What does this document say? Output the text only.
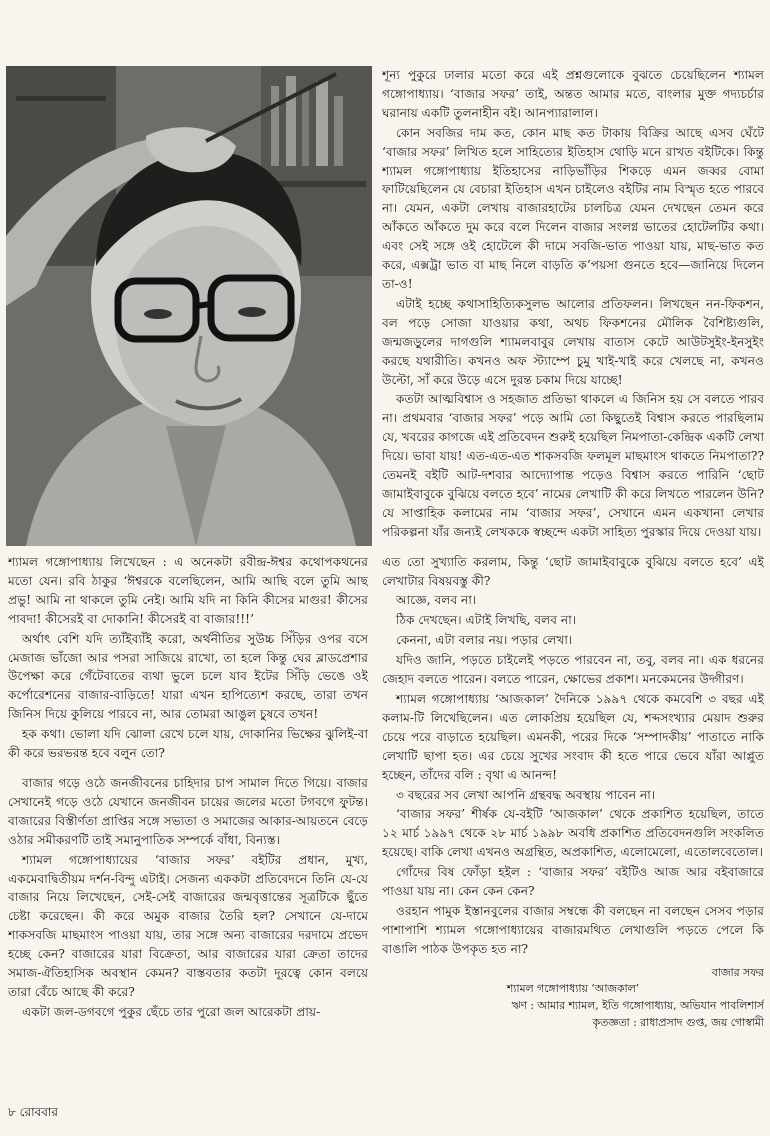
শ্যামল গঙ্গোপাধ্যায় লিখেছেন : এ অনেকটা রবীন্দ্র-ঈশ্বর কথোপকথনের মতো যেন। রবি ঠাকুর ‘ঈশ্বরকে বলেছিলেন, আমি আছি বলে তুমি আছ প্রভু! আমি না থাকলে তুমি নেই। আমি যদি না কিনি কীসের মাগুর! কীসের পাবদা! কীসেরই বা দোকানি! কীসেরই বা বাজার!!!’

অর্থাৎ বেশি যদি ত্যাঁইব্যাঁই করো, অর্থনীতির সুউচ্চ সিঁড়ির ওপর বসে মেজাজ ভাঁজো আর পসরা সাজিয়ে রাখো, তা হলে কিন্তু ঘের ব্লাডপ্রেশার উপেক্ষা করে গেঁটেবাতের ব্যথা ভুলে চলে যাব ইটের সিঁড়ি ভেঙে ওই কর্পোরেশনের বাজার-বাড়িতে! যারা এখন হাপিত্যেশ করছে, তারা তখন জিনিস দিয়ে কুলিয়ে পারবে না, আর তোমরা আঙুল চুষবে তখন!

হক কথা। ভোলা যদি ঝোলা রেখে চলে যায়, দোকানির ভিক্ষের ঝুলিই-বা কী করে ভরভরন্ত হবে বলুন তো?

বাজার গড়ে ওঠে জনজীবনের চাহিদার চাপ সামাল দিতে গিয়ে। বাজার সেখানেই গড়ে ওঠে যেখানে জনজীবন চায়ের জলের মতো টগবগে ফুটন্ত। বাজারের বিস্তীর্ণতা প্রাপ্তির সঙ্গে সভ্যতা ও সমাজের আকার-আয়তনে বেড়ে ওঠার সমীকরণটি তাই সমানুপাতিক সম্পর্কে বাঁধা, বিন্যস্ত।

শ্যামল গঙ্গোপাধ্যায়ের ‘বাজার সফর’ বইটির প্রধান, মুখ্য, একমেবাদ্বিতীয়ম দর্শন-বিন্দু এটাই। সেজন্য এককটা প্রতিবেদনে তিনি যে-যে বাজার নিয়ে লিখেছেন, সেই-সেই বাজারের জন্মবৃত্তান্তের সূত্রটিকে ছুঁতে চেষ্টা করেছেন। কী করে অমুক বাজার তৈরি হল? সেখানে যে-দামে শাকসবজি মাছমাংস পাওয়া যায়, তার সঙ্গে অন্য বাজারের দরদামে প্রভেদ হচ্ছে কেন? বাজারের যারা বিক্রেতা, আর বাজারের যারা ক্রেতা তাদের সমাজ-ঐতিহাসিক অবস্থান কেমন? বাস্তবতার কতটা দূরত্বে কোন বলয়ে তারা বেঁচে আছে কী করে?

একটা জল-ডগবগে পুকুর ছেঁচে তার পুরো জল আরেকটা প্রায়-

শূন্য পুকুরে ঢালার মতো করে এই প্রশ্নগুলোকে বুঝতে চেয়েছিলেন শ্যামল গঙ্গোপাধ্যায়। ‘বাজার সফর’ তাই, অন্তত আমার মতে, বাংলার মুক্ত গদ্যচর্চার ঘরানায় একটি তুলনাহীন বই। আনপ্যারালাল।

কোন সবজির দাম কত, কোন মাছ কত টাকায় বিক্রির আছে এসব ঘেঁটে ‘বাজার সফর’ লিখিত হলে সাহিত্যের ইতিহাস থোড়ি মনে রাখত বইটিকে। কিন্তু শ্যামল গঙ্গোপাধ্যায় ইতিহাসের নাড়িভাঁড়ির শিকড়ে এমন জব্বর বোমা ফাটিয়েছিলেন যে বেচারা ইতিহাস এখন চাইলেও বইটির নাম বিস্মৃত হতে পারবে না। যেমন, একটা লেখায় বাজারহাটের চালচিত্র যেমন দেখছেন তেমন করে আঁকতে আঁকতে দুম করে বলে দিলেন বাজার সংলগ্ন ভাতের হোটেলটির কথা। এবং সেই সঙ্গে ওই হোটেলে কী দামে সবজি-ভাত পাওয়া যায়, মাছ-ভাত কত করে, এক্সট্রা ভাত বা মাছ নিলে বাড়তি ক’পয়সা গুনতে হবে—জানিয়ে দিলেন তা-ও!

এটাই হচ্ছে কথাসাহিত্যিকসুলভ আলোর প্রতিফলন। লিখছেন নন-ফিকশন, বল পড়ে সোজা যাওয়ার কথা, অথচ ফিকশনের মৌলিক বৈশিষ্ট্যগুলি, জন্মজড়ুলের দাগগুলি শ্যামলবাবুর লেখায় বাতাস কেটে আউটসুইং-ইনসুইং করছে যথারীতি। কখনও অফ স্ট্যাম্পে চুমু খাই-খাই করে খেলছে না, কখনও উল্টো, সাঁ করে উড়ে এসে দুরন্ত চকাম দিয়ে যাচ্ছে!

কতটা আত্মবিশ্বাস ও সহজাত প্রতিভা থাকলে এ জিনিস হয় সে বলতে পারব না। প্রথমবার ‘বাজার সফর’ পড়ে আমি তো কিছুতেই বিশ্বাস করতে পারছিলাম যে, খবরের কাগজে এই প্রতিবেদন শুরুই হয়েছিল নিমপাতা-কেন্দ্রিক একটি লেখা দিয়ে। ভাবা যায়! এত-এত-এত শাকসবজি ফলমূল মাছমাংস থাকতে নিমপাতা?? তেমনই বইটি আট-দশবার আদ্যোপান্ত পড়েও বিশ্বাস করতে পারিনি ‘ছোট জামাইবাবুকে বুঝিয়ে বলতে হবে’ নামের লেখাটি কী করে লিখতে পারলেন উনি? যে সাপ্তাহিক কলামের নাম ‘বাজার সফর’, সেখানে এমন একখানা লেখার পরিকল্পনা যাঁর জন্যই লেখককে স্বচ্ছন্দে একটা সাহিত্য পুরস্কার দিয়ে দেওয়া যায়।

এত তো সুখ্যাতি করলাম, কিন্তু ‘ছোট জামাইবাবুকে বুঝিয়ে বলতে হবে’ এই লেখাটার বিষয়বস্তু কী?

আজ্ঞে, বলব না।

ঠিক দেখছেন। এটাই লিখছি, বলব না।

কেননা, এটা বলার নয়। পড়ার লেখা।

যদিও জানি, পড়তে চাইলেই পড়তে পারবেন না, তবু, বলব না। এক ধরনের জেহাদ বলতে পারেন। বলতে পারেন, ক্ষোভের প্রকাশ। মনকেমনের উদ্গীরণ।

শ্যামল গঙ্গোপাধ্যায় ‘আজকাল’ দৈনিকে ১৯৯৭ থেকে কমবেশি ৩ বছর এই কলাম-টি লিখেছিলেন। এত লোকপ্রিয় হয়েছিল যে, শব্দসংখ্যার মেয়াদ শুরুর চেয়ে পরে বাড়াতে হয়েছিল। এমনকী, পরের দিকে ‘সম্পাদকীয়’ পাতাতে নাকি লেখাটি ছাপা হত। এর চেয়ে সুখের সংবাদ কী হতে পারে ভেবে যাঁরা আপ্লুত হচ্ছেন, তাঁদের বলি : বৃথা এ আনন্দ!

৩ বছরের সব লেখা আপনি গ্রন্থবদ্ধ অবস্থায় পাবেন না।

‘বাজার সফর’ শীর্ষক যে-বইটি ‘আজকাল’ থেকে প্রকাশিত হয়েছিল, তাতে ১২ মার্চ ১৯৯৭ থেকে ২৮ মার্চ ১৯৯৮ অবধি প্রকাশিত প্রতিবেদনগুলি সংকলিত হয়েছে। বাকি লেখা এখনও অগ্রন্থিত, অপ্রকাশিত, এলোমেলো, এতোলবেতোল।

গোঁদের বিষ ফোঁড়া হইল : ‘বাজার সফর’ বইটিও আজ আর বইবাজারে পাওয়া যায় না। কেন কেন কেন?

ওরহান পামুক ইস্তানবুলের বাজার সম্বন্ধে কী বলছেন না বলছেন সেসব পড়ার পাশাপাশি শ্যামল গঙ্গোপাধ্যায়ের বাজারমথিত লেখাগুলি পড়তে পেলে কি বাঙালি পাঠক উপকৃত হত না?

বাজার সফর
শ্যামল গঙ্গোপাধ্যায় ‘আজকাল’
ঋণ : আমার শ্যামল, ইতি গঙ্গোপাধ্যায়, অভিযান পাবলিশার্স
কৃতজ্ঞতা : রাধাপ্রসাদ গুপ্ত, জয় গোস্বামী
৮ রোববার
